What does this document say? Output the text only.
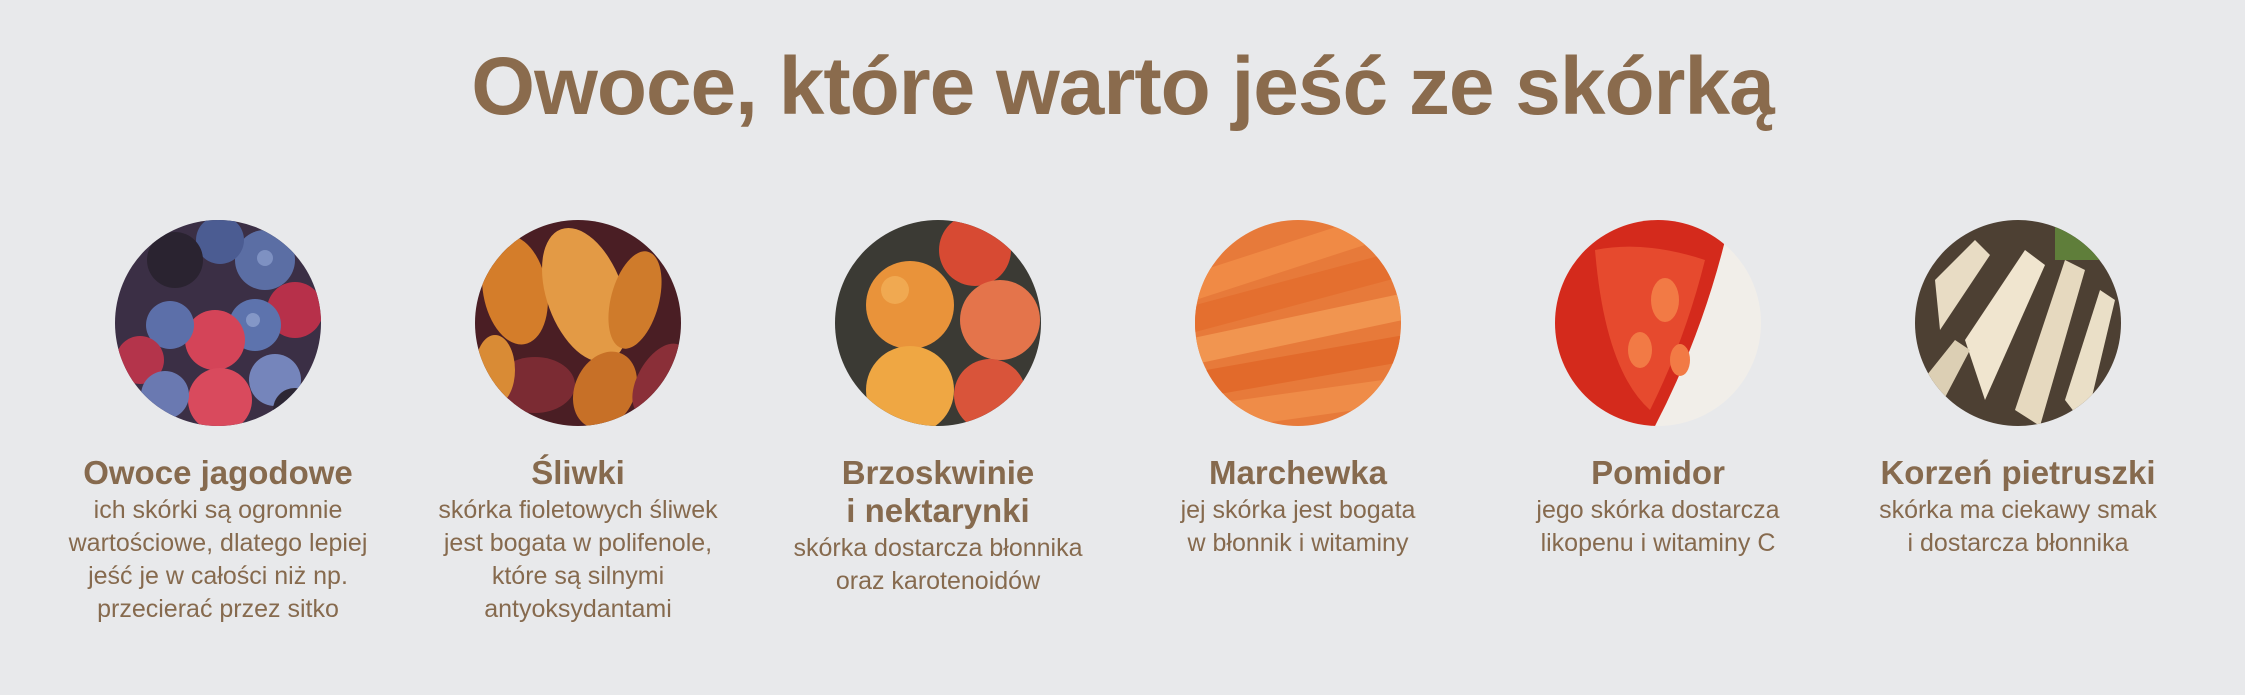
Owoce, które warto jeść ze skórką
Owoce jagodowe
ich skórki są ogromnie
wartościowe, dlatego lepiej
jeść je w całości niż np.
przecierać przez sitko
Śliwki
skórka fioletowych śliwek
jest bogata w polifenole,
które są silnymi
antyoksydantami
Brzoskwinie
i nektarynki
skórka dostarcza błonnika
oraz karotenoidów
Marchewka
jej skórka jest bogata
w błonnik i witaminy
Pomidor
jego skórka dostarcza
likopenu i witaminy C
Korzeń pietruszki
skórka ma ciekawy smak
i dostarcza błonnika
